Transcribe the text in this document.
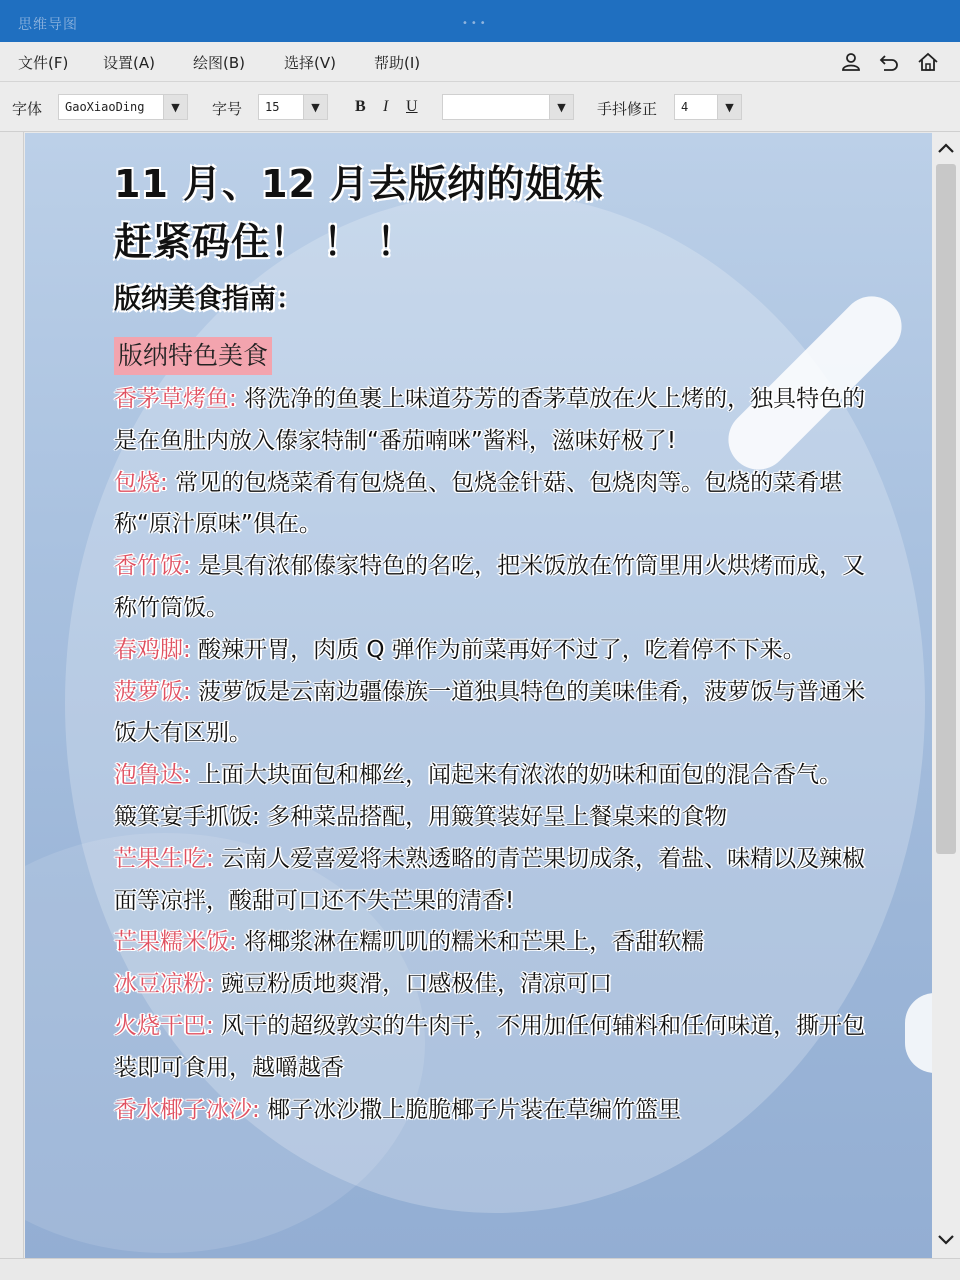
思维导图	•••
文件(F) 设置(A)	绘图(B)	选择(V)	帮助(I)
字体	GaoXiaoDing	▼	字号	15	▼	B I U	▼	手抖修正	4	▼
11 月、12 月去版纳的姐妹
赶紧码住！ ！ ！
版纳美食指南：
版纳特色美食
香茅草烤鱼: 将洗净的鱼裹上味道芬芳的香茅草放在火上烤的，独具特色的是在鱼肚内放入傣家特制“番茄喃咪”酱料，滋味好极了!
包烧: 常见的包烧菜肴有包烧鱼、包烧金针菇、包烧肉等。包烧的菜肴堪称“原汁原味”俱在。
香竹饭: 是具有浓郁傣家特色的名吃，把米饭放在竹筒里用火烘烤而成，又称竹筒饭。
春鸡脚: 酸辣开胃，肉质 Q 弹作为前菜再好不过了，吃着停不下来。
菠萝饭: 菠萝饭是云南边疆傣族一道独具特色的美味佳肴，菠萝饭与普通米饭大有区别。
泡鲁达: 上面大块面包和椰丝，闻起来有浓浓的奶味和面包的混合香气。
簸箕宴手抓饭: 多种菜品搭配，用簸箕装好呈上餐桌来的食物
芒果生吃: 云南人爱喜爱将未熟透略的青芒果切成条，着盐、味精以及辣椒面等凉拌，酸甜可口还不失芒果的清香!
芒果糯米饭: 将椰浆淋在糯叽叽的糯米和芒果上，香甜软糯
冰豆凉粉: 豌豆粉质地爽滑，口感极佳，清凉可口
火烧干巴: 风干的超级敦实的牛肉干，不用加任何辅料和任何味道，撕开包装即可食用，越嚼越香
香水椰子冰沙: 椰子冰沙撒上脆脆椰子片装在草编竹篮里
